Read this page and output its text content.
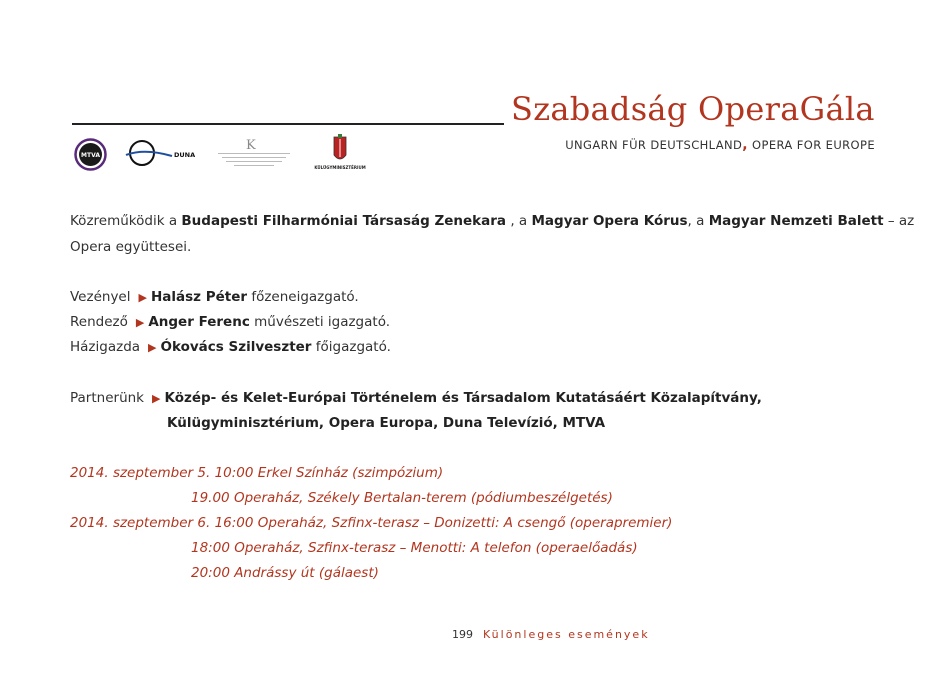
Szabadság OperaGála
UNGARN FÜR DEUTSCHLAND, OPERA FOR EUROPE
MTVA	DUNA
K
KÜLÜGYMINISZTÉRIUM
Közreműködik a Budapesti Filharmóniai Társaság Zenekara , a Magyar Opera Kórus, a Magyar Nemzeti Balett – az
Opera együttesei.
Vezényel ▶ Halász Péter főzeneigazgató.
Rendező ▶ Anger Ferenc művészeti igazgató.
Házigazda ▶ Ókovács Szilveszter főigazgató.
Partnerünk ▶ Közép- és Kelet-Európai Történelem és Társadalom Kutatásáért Közalapítvány,
Külügyminisztérium, Opera Europa, Duna Televízió, MTVA
2014. szeptember 5. 10:00 Erkel Színház (szimpózium)
19.00 Operaház, Székely Bertalan-terem (pódiumbeszélgetés)
2014. szeptember 6. 16:00 Operaház, Szfinx-terasz – Donizetti: A csengő (operapremier)
18:00 Operaház, Szfinx-terasz – Menotti: A telefon (operaelőadás)
20:00 Andrássy út (gálaest)
199 Különleges események
